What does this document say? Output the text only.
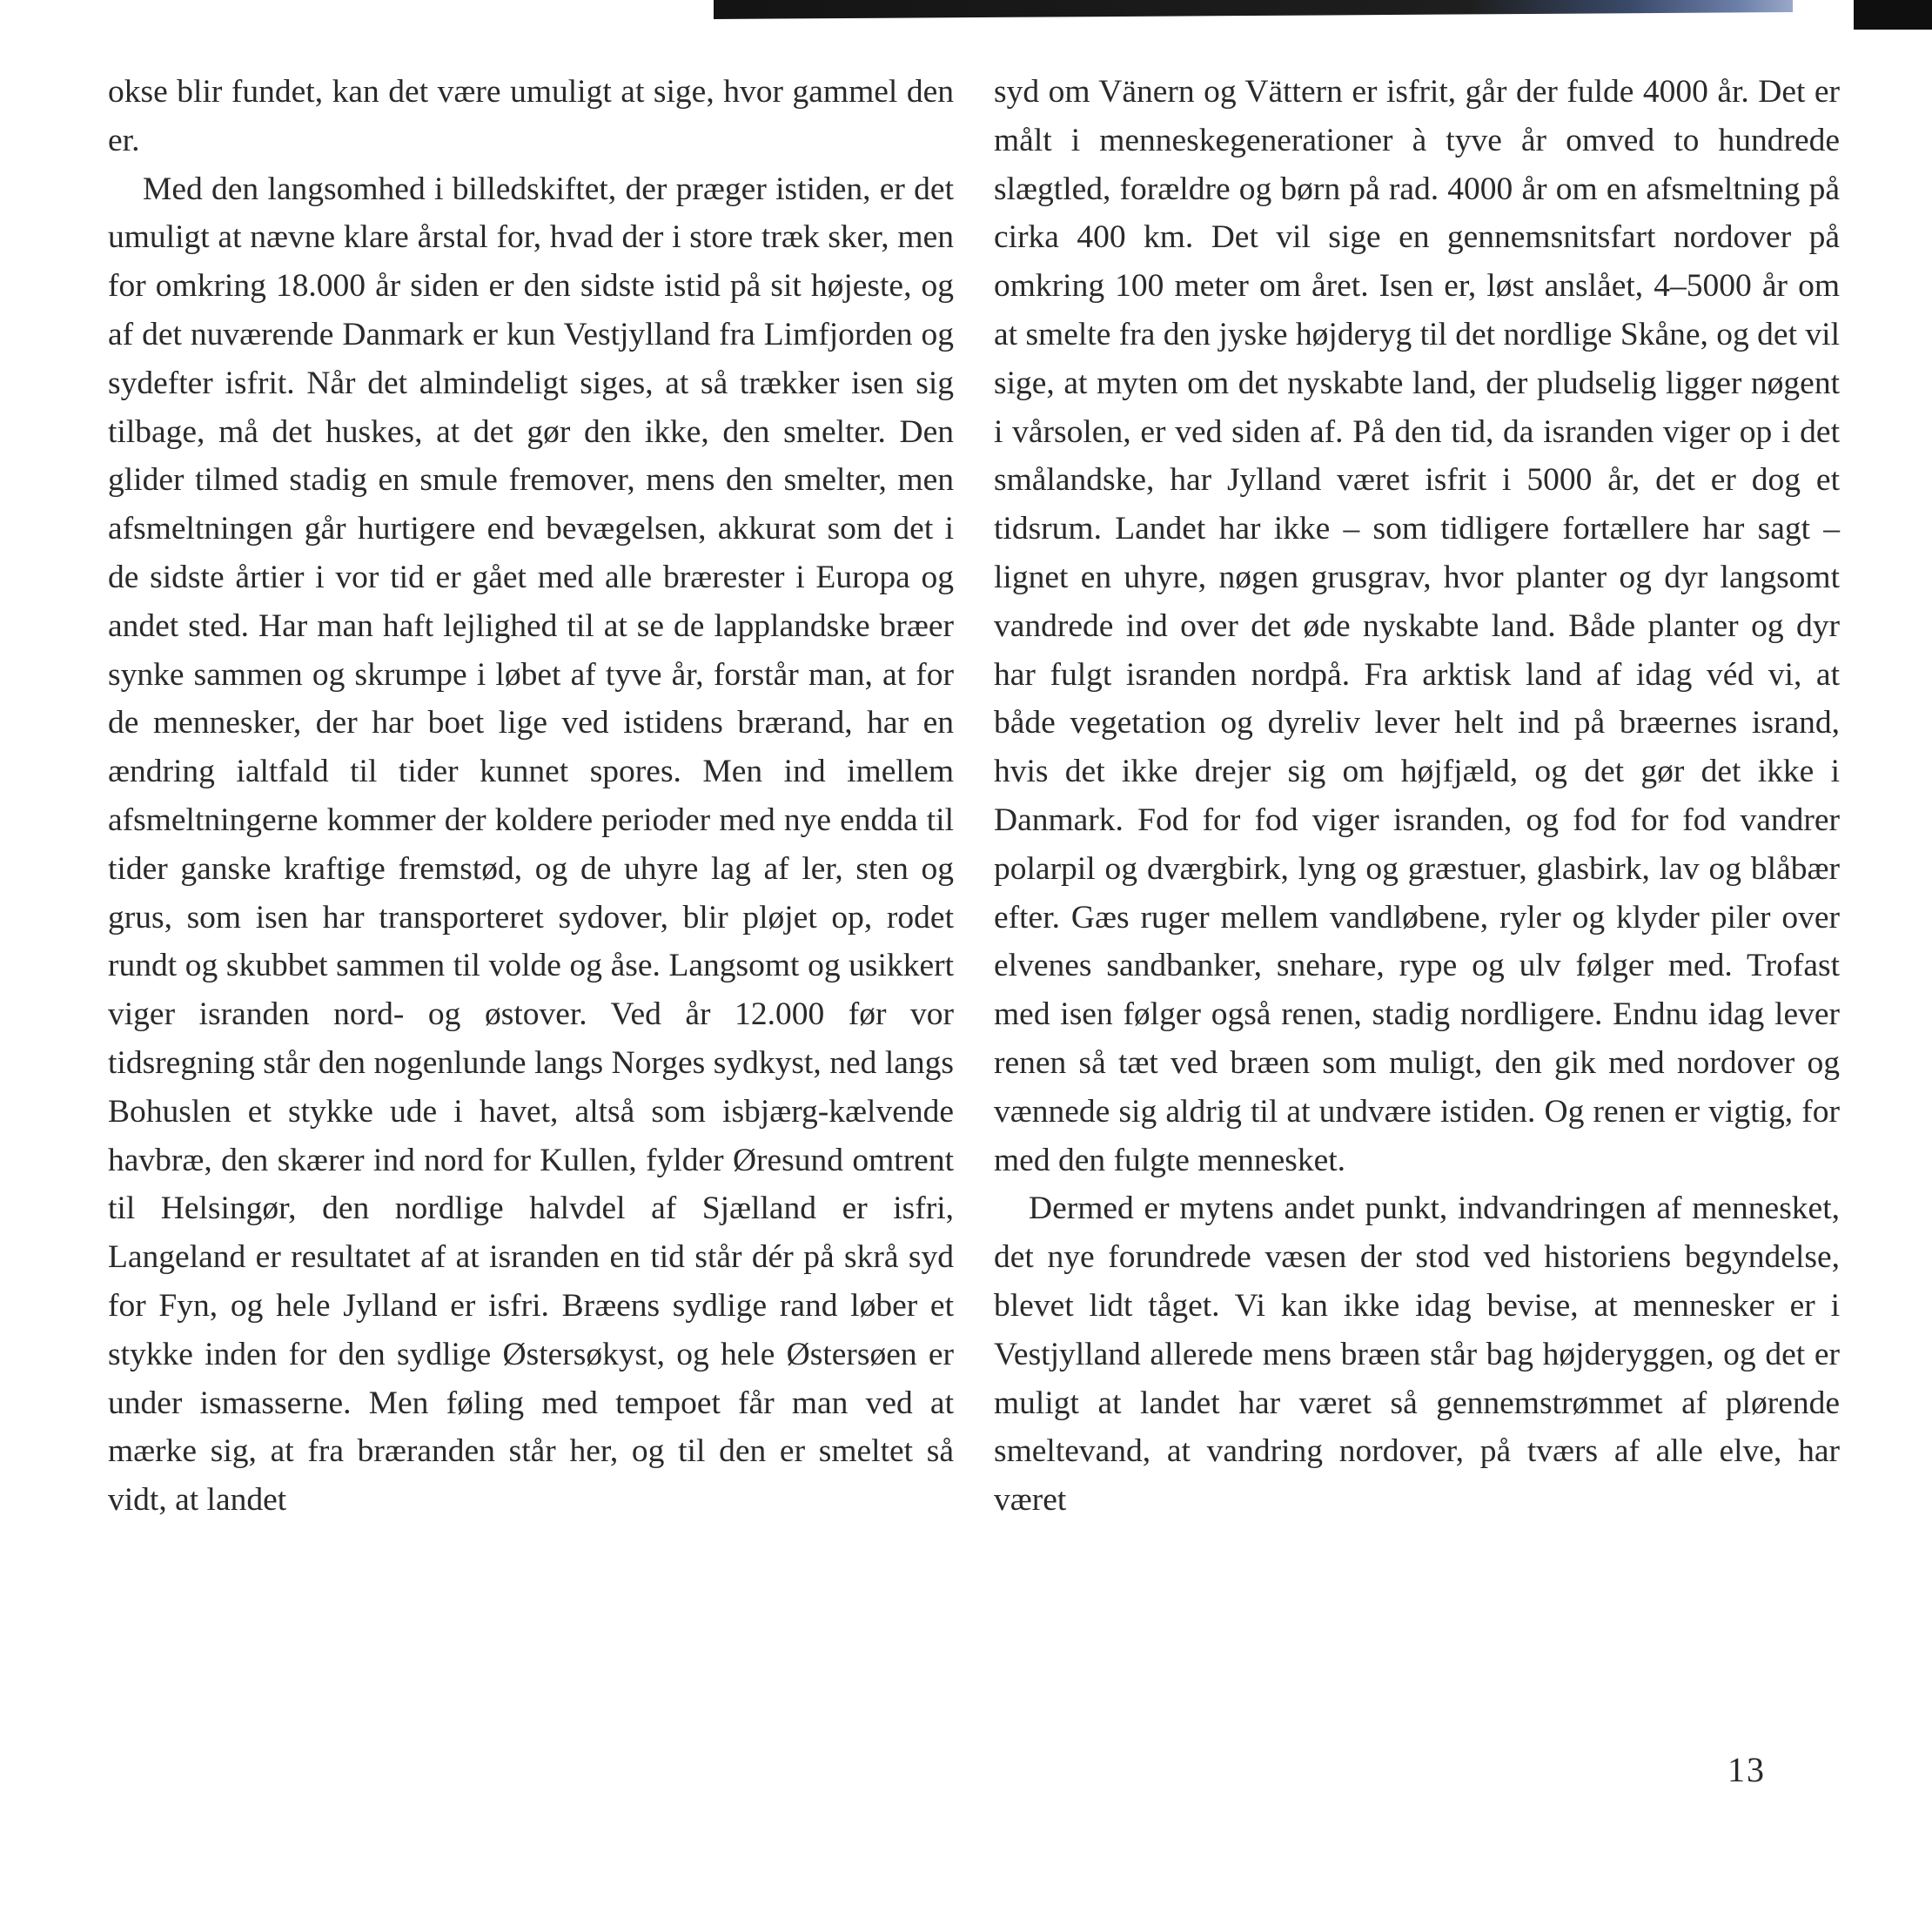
okse blir fundet, kan det være umuligt at sige, hvor gammel den er.

Med den langsomhed i billedskiftet, der præger istiden, er det umuligt at nævne klare årstal for, hvad der i store træk sker, men for omkring 18.000 år siden er den sidste istid på sit højeste, og af det nuværende Danmark er kun Vestjylland fra Limfjorden og sydefter isfrit. Når det almindeligt siges, at så trækker isen sig tilbage, må det huskes, at det gør den ikke, den smelter. Den glider tilmed stadig en smule fremover, mens den smelter, men afsmeltningen går hurtigere end bevægelsen, akkurat som det i de sidste årtier i vor tid er gået med alle brærester i Europa og andet sted. Har man haft lejlighed til at se de lapplandske bræer synke sammen og skrumpe i løbet af tyve år, forstår man, at for de mennesker, der har boet lige ved istidens brærand, har en ændring ialtfald til tider kunnet spores. Men ind imellem afsmeltningerne kommer der koldere perioder med nye endda til tider ganske kraftige fremstød, og de uhyre lag af ler, sten og grus, som isen har transporteret sydover, blir pløjet op, rodet rundt og skubbet sammen til volde og åse. Langsomt og usikkert viger isranden nord- og østover. Ved år 12.000 før vor tidsregning står den nogenlunde langs Norges sydkyst, ned langs Bohuslen et stykke ude i havet, altså som isbjærg-kælvende havbræ, den skærer ind nord for Kullen, fylder Øresund omtrent til Helsingør, den nordlige halvdel af Sjælland er isfri, Langeland er resultatet af at isranden en tid står dér på skrå syd for Fyn, og hele Jylland er isfri. Bræens sydlige rand løber et stykke inden for den sydlige Østersøkyst, og hele Østersøen er under ismasserne. Men føling med tempoet får man ved at mærke sig, at fra bræranden står her, og til den er smeltet så vidt, at landet

syd om Vänern og Vättern er isfrit, går der fulde 4000 år. Det er målt i menneskegenerationer à tyve år omved to hundrede slægtled, forældre og børn på rad. 4000 år om en afsmeltning på cirka 400 km. Det vil sige en gennemsnitsfart nordover på omkring 100 meter om året. Isen er, løst anslået, 4–5000 år om at smelte fra den jyske højderyg til det nordlige Skåne, og det vil sige, at myten om det nyskabte land, der pludselig ligger nøgent i vårsolen, er ved siden af. På den tid, da isranden viger op i det smålandske, har Jylland været isfrit i 5000 år, det er dog et tidsrum. Landet har ikke – som tidligere fortællere har sagt – lignet en uhyre, nøgen grusgrav, hvor planter og dyr langsomt vandrede ind over det øde nyskabte land. Både planter og dyr har fulgt isranden nordpå. Fra arktisk land af idag véd vi, at både vegetation og dyreliv lever helt ind på bræernes isrand, hvis det ikke drejer sig om højfjæld, og det gør det ikke i Danmark. Fod for fod viger isranden, og fod for fod vandrer polarpil og dværgbirk, lyng og græstuer, glasbirk, lav og blåbær efter. Gæs ruger mellem vandløbene, ryler og klyder piler over elvenes sandbanker, snehare, rype og ulv følger med. Trofast med isen følger også renen, stadig nordligere. Endnu idag lever renen så tæt ved bræen som muligt, den gik med nordover og vænnede sig aldrig til at undvære istiden. Og renen er vigtig, for med den fulgte mennesket.

Dermed er mytens andet punkt, indvandringen af mennesket, det nye forundrede væsen der stod ved historiens begyndelse, blevet lidt tåget. Vi kan ikke idag bevise, at mennesker er i Vestjylland allerede mens bræen står bag højderyggen, og det er muligt at landet har været så gennemstrømmet af plørende smeltevand, at vandring nordover, på tværs af alle elve, har været

13
